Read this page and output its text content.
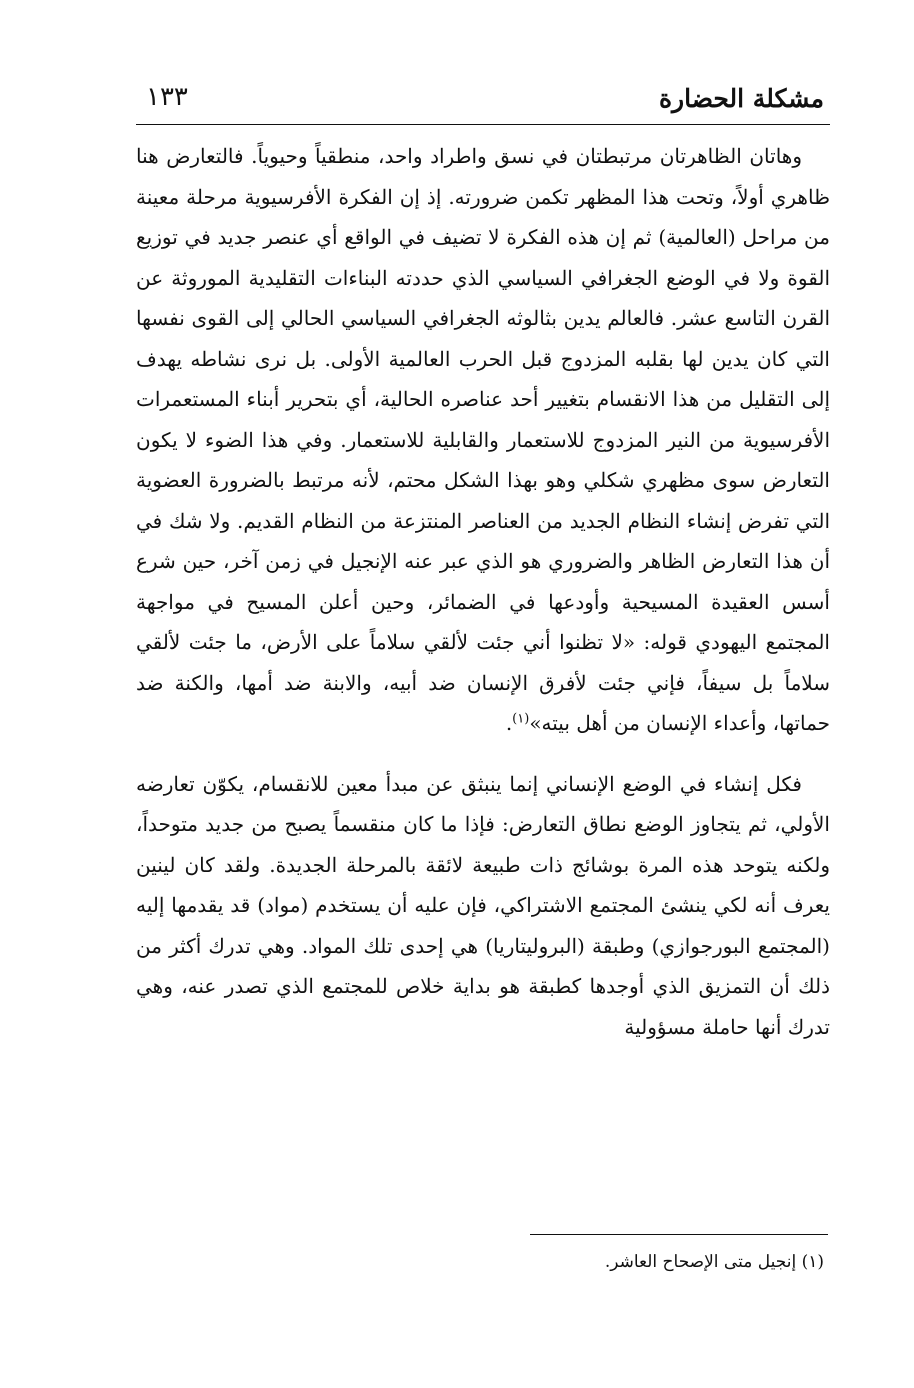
مشكلة الحضارة
١٣٣

وهاتان الظاهرتان مرتبطتان في نسق واطراد واحد، منطقياً وحيوياً. فالتعارض هنا ظاهري أولاً، وتحت هذا المظهر تكمن ضرورته. إذ إن الفكرة الأفرسيوية مرحلة معينة من مراحل (العالمية) ثم إن هذه الفكرة لا تضيف في الواقع أي عنصر جديد في توزيع القوة ولا في الوضع الجغرافي السياسي الذي حددته البناءات التقليدية الموروثة عن القرن التاسع عشر. فالعالم يدين بثالوثه الجغرافي السياسي الحالي إلى القوى نفسها التي كان يدين لها بقلبه المزدوج قبل الحرب العالمية الأولى. بل نرى نشاطه يهدف إلى التقليل من هذا الانقسام بتغيير أحد عناصره الحالية، أي بتحرير أبناء المستعمرات الأفرسيوية من النير المزدوج للاستعمار والقابلية للاستعمار. وفي هذا الضوء لا يكون التعارض سوى مظهري شكلي وهو بهذا الشكل محتم، لأنه مرتبط بالضرورة العضوية التي تفرض إنشاء النظام الجديد من العناصر المنتزعة من النظام القديم. ولا شك في أن هذا التعارض الظاهر والضروري هو الذي عبر عنه الإنجيل في زمن آخر، حين شرع أسس العقيدة المسيحية وأودعها في الضمائر، وحين أعلن المسيح في مواجهة المجتمع اليهودي قوله: «لا تظنوا أني جئت لألقي سلاماً على الأرض، ما جئت لألقي سلاماً بل سيفاً، فإني جئت لأفرق الإنسان ضد أبيه، والابنة ضد أمها، والكنة ضد حماتها، وأعداء الإنسان من أهل بيته»$^{(١)}$.

فكل إنشاء في الوضع الإنساني إنما ينبثق عن مبدأ معين للانقسام، يكوّن تعارضه الأولي، ثم يتجاوز الوضع نطاق التعارض: فإذا ما كان منقسماً يصبح من جديد متوحداً، ولكنه يتوحد هذه المرة بوشائج ذات طبيعة لائقة بالمرحلة الجديدة. ولقد كان لينين يعرف أنه لكي ينشئ المجتمع الاشتراكي، فإن عليه أن يستخدم (مواد) قد يقدمها إليه (المجتمع البورجوازي) وطبقة (البروليتاريا) هي إحدى تلك المواد. وهي تدرك أكثر من ذلك أن التمزيق الذي أوجدها كطبقة هو بداية خلاص للمجتمع الذي تصدر عنه، وهي تدرك أنها حاملة مسؤولية

(١) إنجيل متى الإصحاح العاشر.
